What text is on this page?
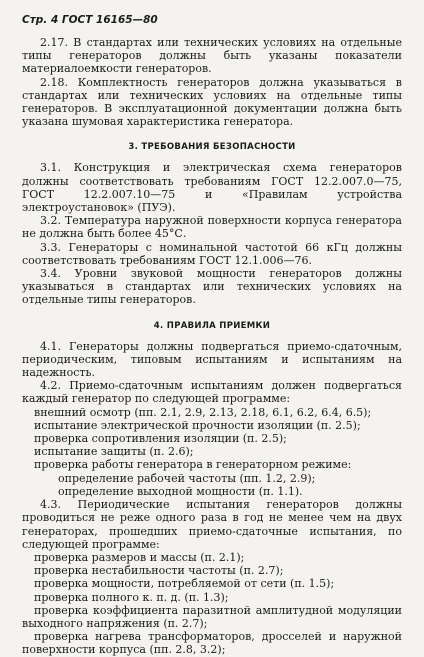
Стр. 4 ГОСТ 16165—80

2.17. В стандартах или технических условиях на отдельные типы генераторов должны быть указаны показатели материалоемкости генераторов.

2.18. Комплектность генераторов должна указываться в стандартах или технических условиях на отдельные типы генераторов. В эксплуатационной документации должна быть указана шумовая характеристика генератора.

3. ТРЕБОВАНИЯ БЕЗОПАСНОСТИ

3.1. Конструкция и электрическая схема генераторов должны соответствовать требованиям ГОСТ 12.2.007.0—75, ГОСТ 12.2.007.10—75 и «Правилам устройства электроустановок» (ПУЭ).

3.2. Температура наружной поверхности корпуса генератора не должна быть более 45°С.

3.3. Генераторы с номинальной частотой 66 кГц должны соответствовать требованиям ГОСТ 12.1.006—76.

3.4. Уровни звуковой мощности генераторов должны указываться в стандартах или технических условиях на отдельные типы генераторов.

4. ПРАВИЛА ПРИЕМКИ

4.1. Генераторы должны подвергаться приемо-сдаточным, периодическим, типовым испытаниям и испытаниям на надежность.

4.2. Приемо-сдаточным испытаниям должен подвергаться каждый генератор по следующей программе:

внешний осмотр (пп. 2.1, 2.9, 2.13, 2.18, 6.1, 6.2, 6.4, 6.5);

испытание электрической прочности изоляции (п. 2.5);

проверка сопротивления изоляции (п. 2.5);

испытание защиты (п. 2.6);

проверка работы генератора в генераторном режиме:

определение рабочей частоты (пп. 1.2, 2.9);

определение выходной мощности (п. 1.1).

4.3. Периодические испытания генераторов должны проводиться не реже одного раза в год не менее чем на двух генераторах, прошедших приемо-сдаточные испытания, по следующей программе:

проверка размеров и массы (п. 2.1);

проверка нестабильности частоты (п. 2.7);

проверка мощности, потребляемой от сети (п. 1.5);

проверка полного к. п. д. (п. 1.3);

проверка коэффициента паразитной амплитудной модуляции выходного напряжения (п. 2.7);

проверка нагрева трансформаторов, дросселей и наружной поверхности корпуса (пп. 2.8, 3.2);
